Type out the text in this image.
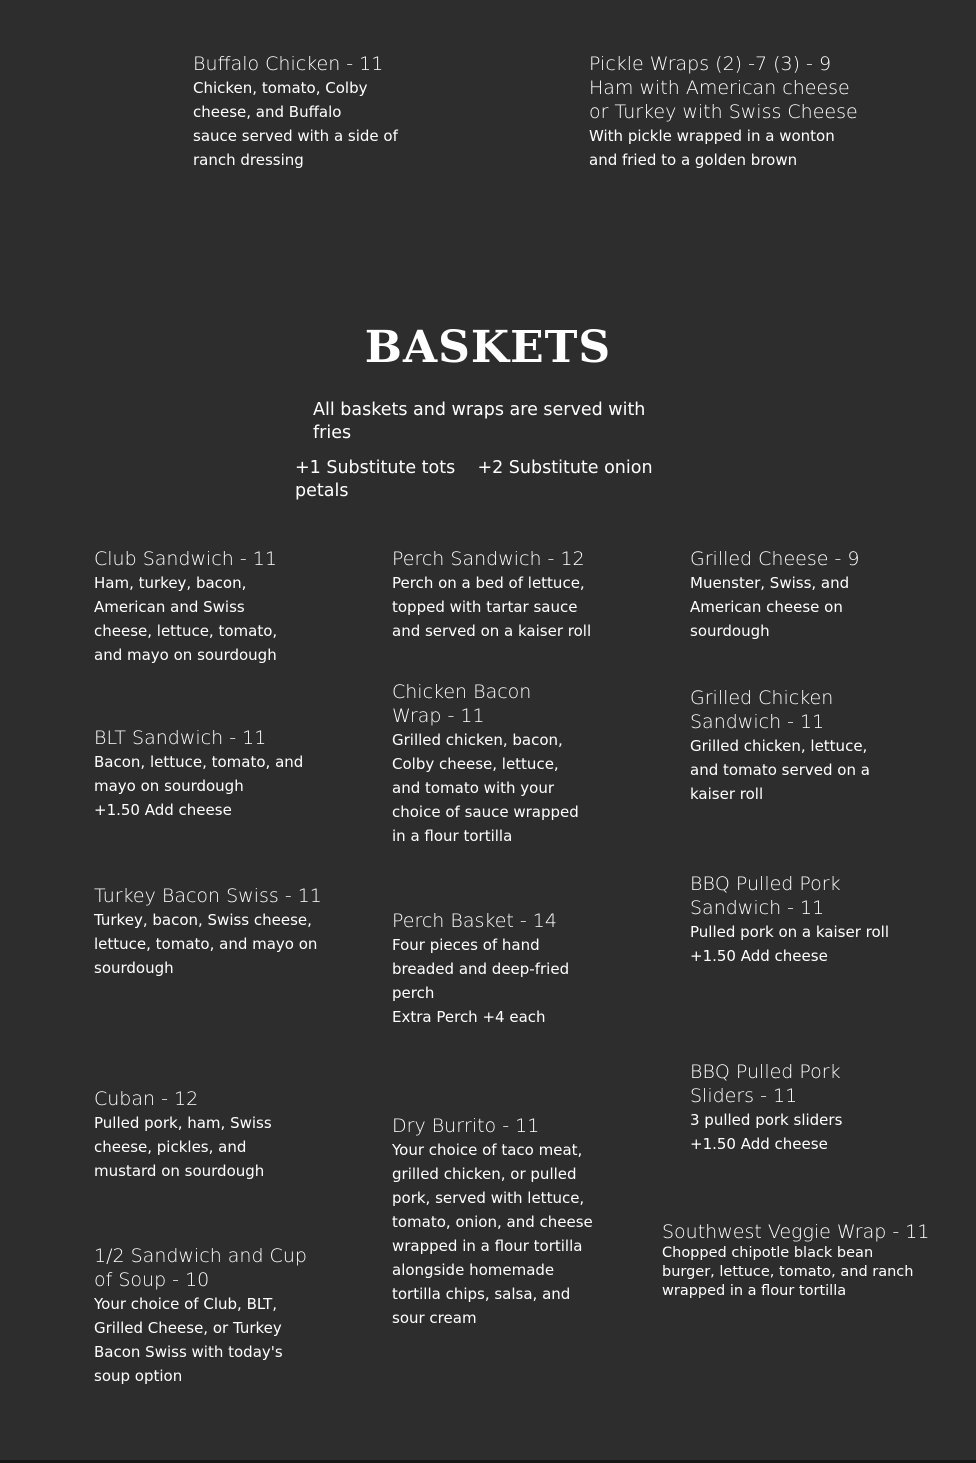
Buffalo Chicken - 11

Chicken, tomato, Colby
cheese, and Buffalo
sauce served with a side of
ranch dressing

Pickle Wraps (2) -7 (3) - 9
Ham with American cheese
or Turkey with Swiss Cheese

With pickle wrapped in a wonton
and fried to a golden brown

BASKETS

All baskets and wraps are served with
fries

+1 Substitute tots    +2 Substitute onion
petals

Club Sandwich - 11

Ham, turkey, bacon,
American and Swiss
cheese, lettuce, tomato,
and mayo on sourdough

BLT Sandwich - 11

Bacon, lettuce, tomato, and
mayo on sourdough
+1.50 Add cheese

Turkey Bacon Swiss - 11

Turkey, bacon, Swiss cheese,
lettuce, tomato, and mayo on
sourdough

Cuban - 12

Pulled pork, ham, Swiss
cheese, pickles, and
mustard on sourdough

1/2 Sandwich and Cup
of Soup - 10

Your choice of Club, BLT,
Grilled Cheese, or Turkey
Bacon Swiss with today's
soup option

Perch Sandwich - 12

Perch on a bed of lettuce,
topped with tartar sauce
and served on a kaiser roll

Chicken Bacon
Wrap - 11

Grilled chicken, bacon,
Colby cheese, lettuce,
and tomato with your
choice of sauce wrapped
in a flour tortilla

Perch Basket - 14

Four pieces of hand
breaded and deep-fried
perch
Extra Perch +4 each

Dry Burrito - 11

Your choice of taco meat,
grilled chicken, or pulled
pork, served with lettuce,
tomato, onion, and cheese
wrapped in a flour tortilla
alongside homemade
tortilla chips, salsa, and
sour cream

Grilled Cheese - 9

Muenster, Swiss, and
American cheese on
sourdough

Grilled Chicken
Sandwich - 11

Grilled chicken, lettuce,
and tomato served on a
kaiser roll

BBQ Pulled Pork
Sandwich - 11

Pulled pork on a kaiser roll
+1.50 Add cheese

BBQ Pulled Pork
Sliders - 11

3 pulled pork sliders
+1.50 Add cheese

Southwest Veggie Wrap - 11

Chopped chipotle black bean
burger, lettuce, tomato, and ranch
wrapped in a flour tortilla
